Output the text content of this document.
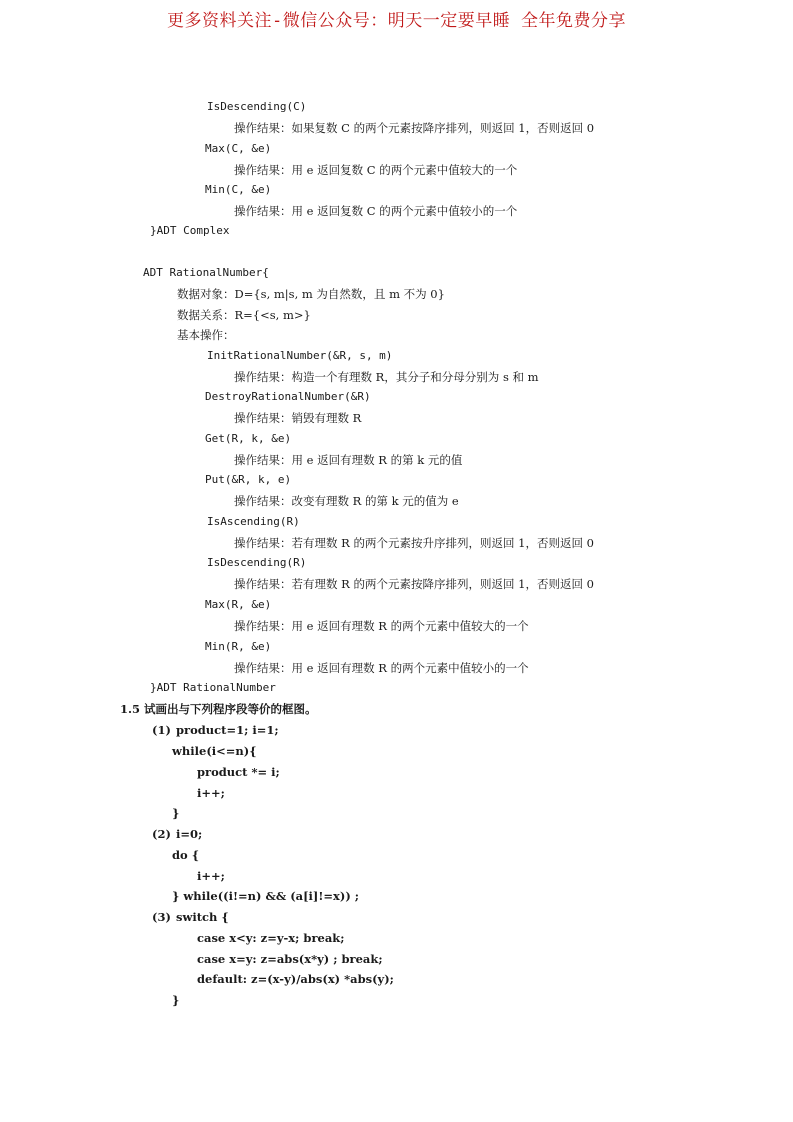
更多资料关注-微信公众号：明天一定要早睡 全年免费分享
IsDescending(C)
操作结果：如果复数 C 的两个元素按降序排列，则返回 1，否则返回 0
Max(C, &e)
操作结果：用 e 返回复数 C 的两个元素中值较大的一个
Min(C, &e)
操作结果：用 e 返回复数 C 的两个元素中值较小的一个
}ADT Complex
ADT RationalNumber{
数据对象：D={s, m|s, m 为自然数，且 m 不为 0}
数据关系：R={<s, m>}
基本操作：
InitRationalNumber(&R, s, m)
操作结果：构造一个有理数 R，其分子和分母分别为 s 和 m
DestroyRationalNumber(&R)
操作结果：销毁有理数 R
Get(R, k, &e)
操作结果：用 e 返回有理数 R 的第 k 元的值
Put(&R, k, e)
操作结果：改变有理数 R 的第 k 元的值为 e
IsAscending(R)
操作结果：若有理数 R 的两个元素按升序排列，则返回 1，否则返回 0
IsDescending(R)
操作结果：若有理数 R 的两个元素按降序排列，则返回 1，否则返回 0
Max(R, &e)
操作结果：用 e 返回有理数 R 的两个元素中值较大的一个
Min(R, &e)
操作结果：用 e 返回有理数 R 的两个元素中值较小的一个
}ADT RationalNumber
1.5 试画出与下列程序段等价的框图。
(1) product=1; i=1;
while(i<=n){
product *= i;
i++;
}
(2) i=0;
do {
i++;
} while((i!=n) && (a[i]!=x)) ;
(3) switch {
case x<y: z=y-x; break;
case x=y: z=abs(x*y) ; break;
default: z=(x-y)/abs(x) *abs(y);
}
